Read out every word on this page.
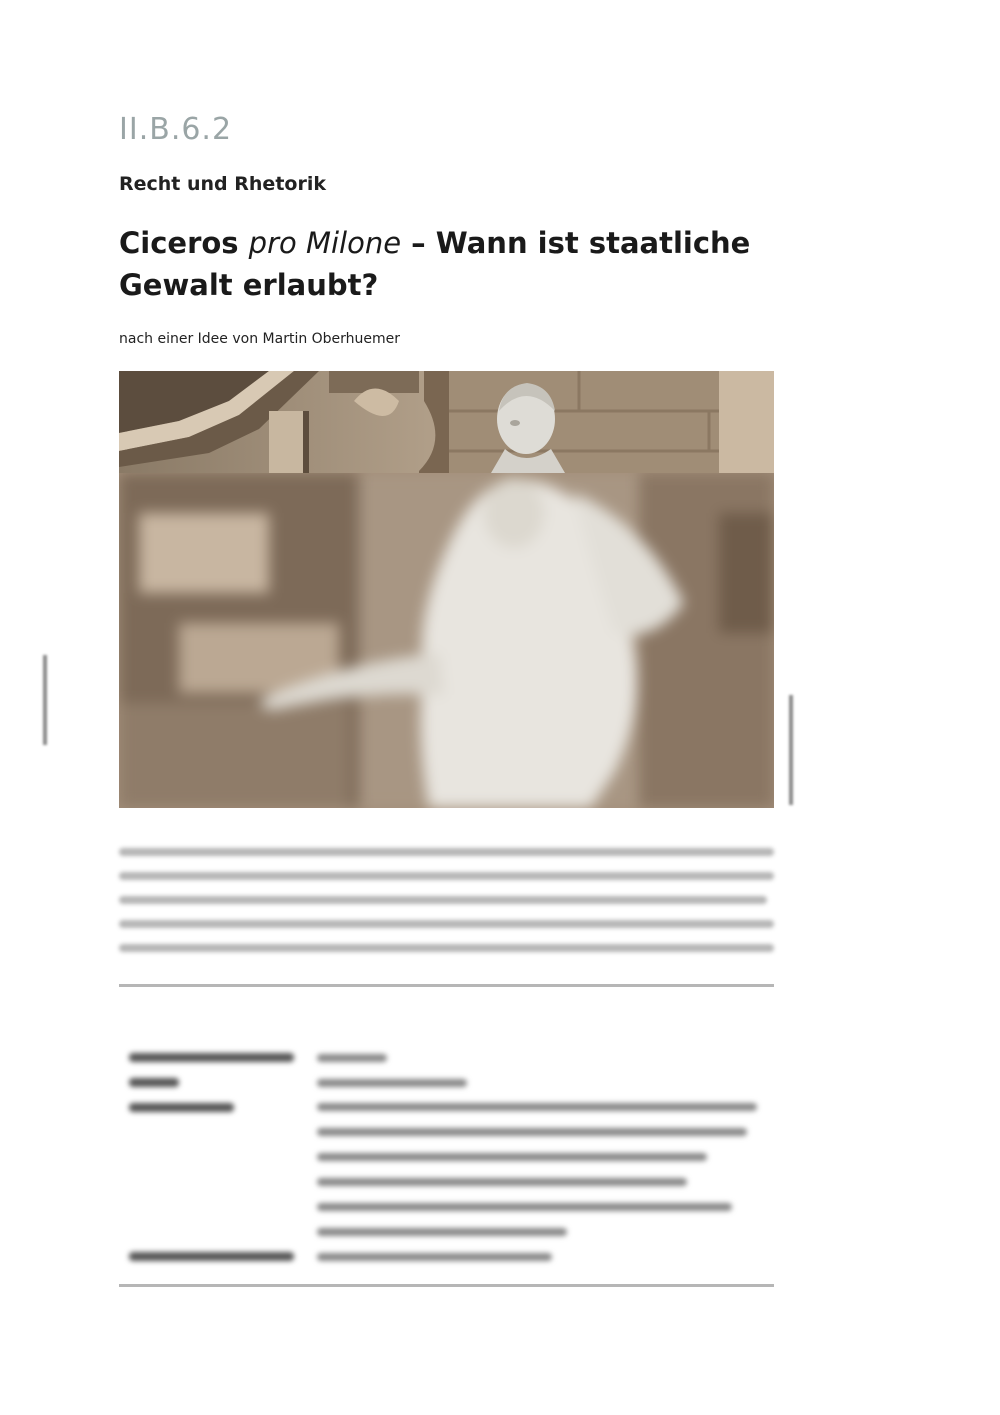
II.B.6.2
Recht und Rhetorik
Ciceros pro Milone – Wann ist staatliche Gewalt erlaubt?
nach einer Idee von Martin Oberhuemer
